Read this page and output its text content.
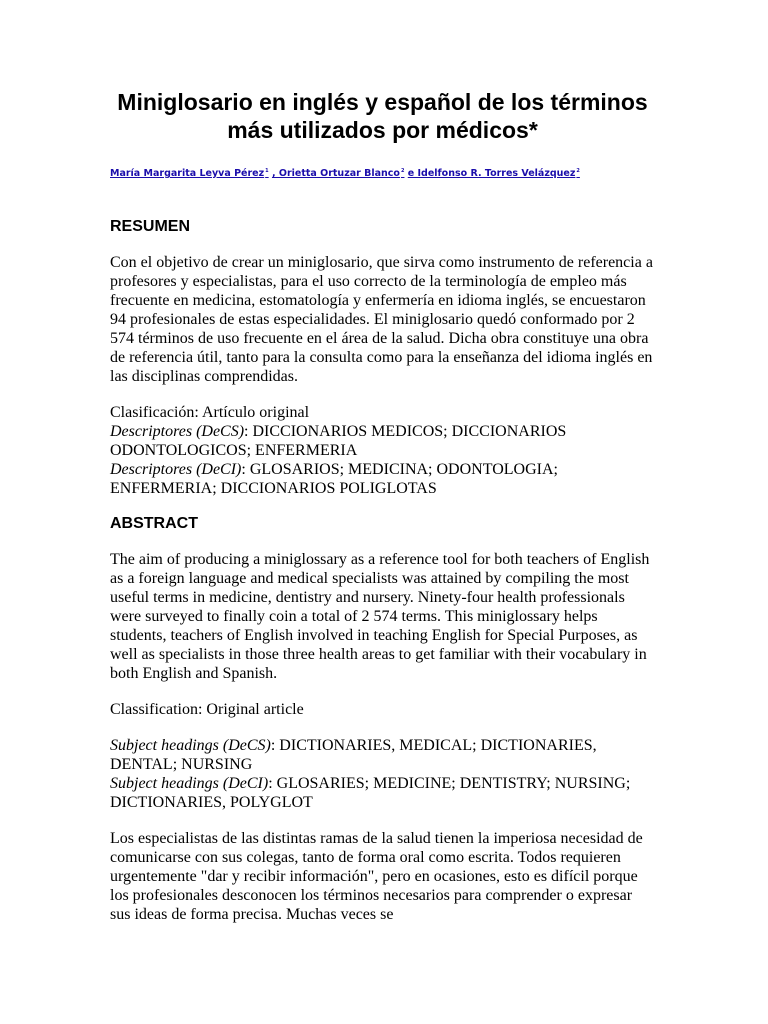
Miniglosario en inglés y español de los términos más utilizados por médicos*
María Margarita Leyva Pérez$^1$ , Orietta Ortuzar Blanco$^2$ e Idelfonso R. Torres Velázquez$^2$
RESUMEN

Con el objetivo de crear un miniglosario, que sirva como instrumento de referencia a profesores y especialistas, para el uso correcto de la terminología de empleo más frecuente en medicina, estomatología y enfermería en idioma inglés, se encuestaron 94 profesionales de estas especialidades. El miniglosario quedó conformado por 2 574 términos de uso frecuente en el área de la salud. Dicha obra constituye una obra de referencia útil, tanto para la consulta como para la enseñanza del idioma inglés en las disciplinas comprendidas.

Clasificación: Artículo original

Descriptores (DeCS): DICCIONARIOS MEDICOS; DICCIONARIOS ODONTOLOGICOS; ENFERMERIA

Descriptores (DeCI): GLOSARIOS; MEDICINA; ODONTOLOGIA; ENFERMERIA; DICCIONARIOS POLIGLOTAS

ABSTRACT

The aim of producing a miniglossary as a reference tool for both teachers of English as a foreign language and medical specialists was attained by compiling the most useful terms in medicine, dentistry and nursery. Ninety-four health professionals were surveyed to finally coin a total of 2 574 terms. This miniglossary helps students, teachers of English involved in teaching English for Special Purposes, as well as specialists in those three health areas to get familiar with their vocabulary in both English and Spanish.

Classification: Original article

Subject headings (DeCS): DICTIONARIES, MEDICAL; DICTIONARIES, DENTAL; NURSING

Subject headings (DeCI): GLOSARIES; MEDICINE; DENTISTRY; NURSING; DICTIONARIES, POLYGLOT

Los especialistas de las distintas ramas de la salud tienen la imperiosa necesidad de comunicarse con sus colegas, tanto de forma oral como escrita. Todos requieren urgentemente "dar y recibir información", pero en ocasiones, esto es difícil porque los profesionales desconocen los términos necesarios para comprender o expresar sus ideas de forma precisa. Muchas veces se
